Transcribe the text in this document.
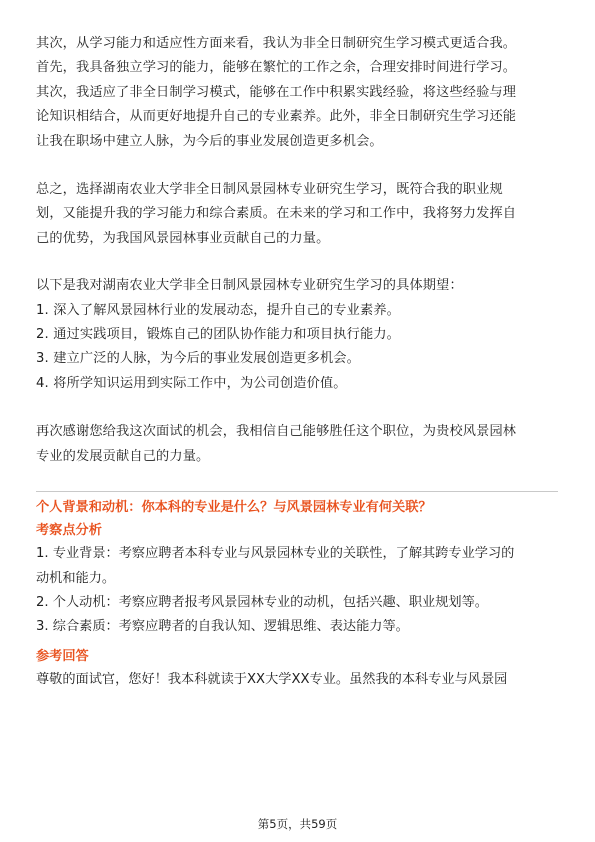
其次，从学习能力和适应性方面来看，我认为非全日制研究生学习模式更适合我。

首先，我具备独立学习的能力，能够在繁忙的工作之余，合理安排时间进行学习。

其次，我适应了非全日制学习模式，能够在工作中积累实践经验，将这些经验与理

论知识相结合，从而更好地提升自己的专业素养。此外，非全日制研究生学习还能

让我在职场中建立人脉，为今后的事业发展创造更多机会。

总之，选择湖南农业大学非全日制风景园林专业研究生学习，既符合我的职业规

划，又能提升我的学习能力和综合素质。在未来的学习和工作中，我将努力发挥自

己的优势，为我国风景园林事业贡献自己的力量。

以下是我对湖南农业大学非全日制风景园林专业研究生学习的具体期望：

1. 深入了解风景园林行业的发展动态，提升自己的专业素养。

2. 通过实践项目，锻炼自己的团队协作能力和项目执行能力。

3. 建立广泛的人脉，为今后的事业发展创造更多机会。

4. 将所学知识运用到实际工作中，为公司创造价值。

再次感谢您给我这次面试的机会，我相信自己能够胜任这个职位，为贵校风景园林

专业的发展贡献自己的力量。

个人背景和动机：你本科的专业是什么？与风景园林专业有何关联？

考察点分析

1. 专业背景：考察应聘者本科专业与风景园林专业的关联性，了解其跨专业学习的

动机和能力。

2. 个人动机：考察应聘者报考风景园林专业的动机，包括兴趣、职业规划等。

3. 综合素质：考察应聘者的自我认知、逻辑思维、表达能力等。

参考回答

尊敬的面试官，您好！我本科就读于XX大学XX专业。虽然我的本科专业与风景园

第5页，共59页
